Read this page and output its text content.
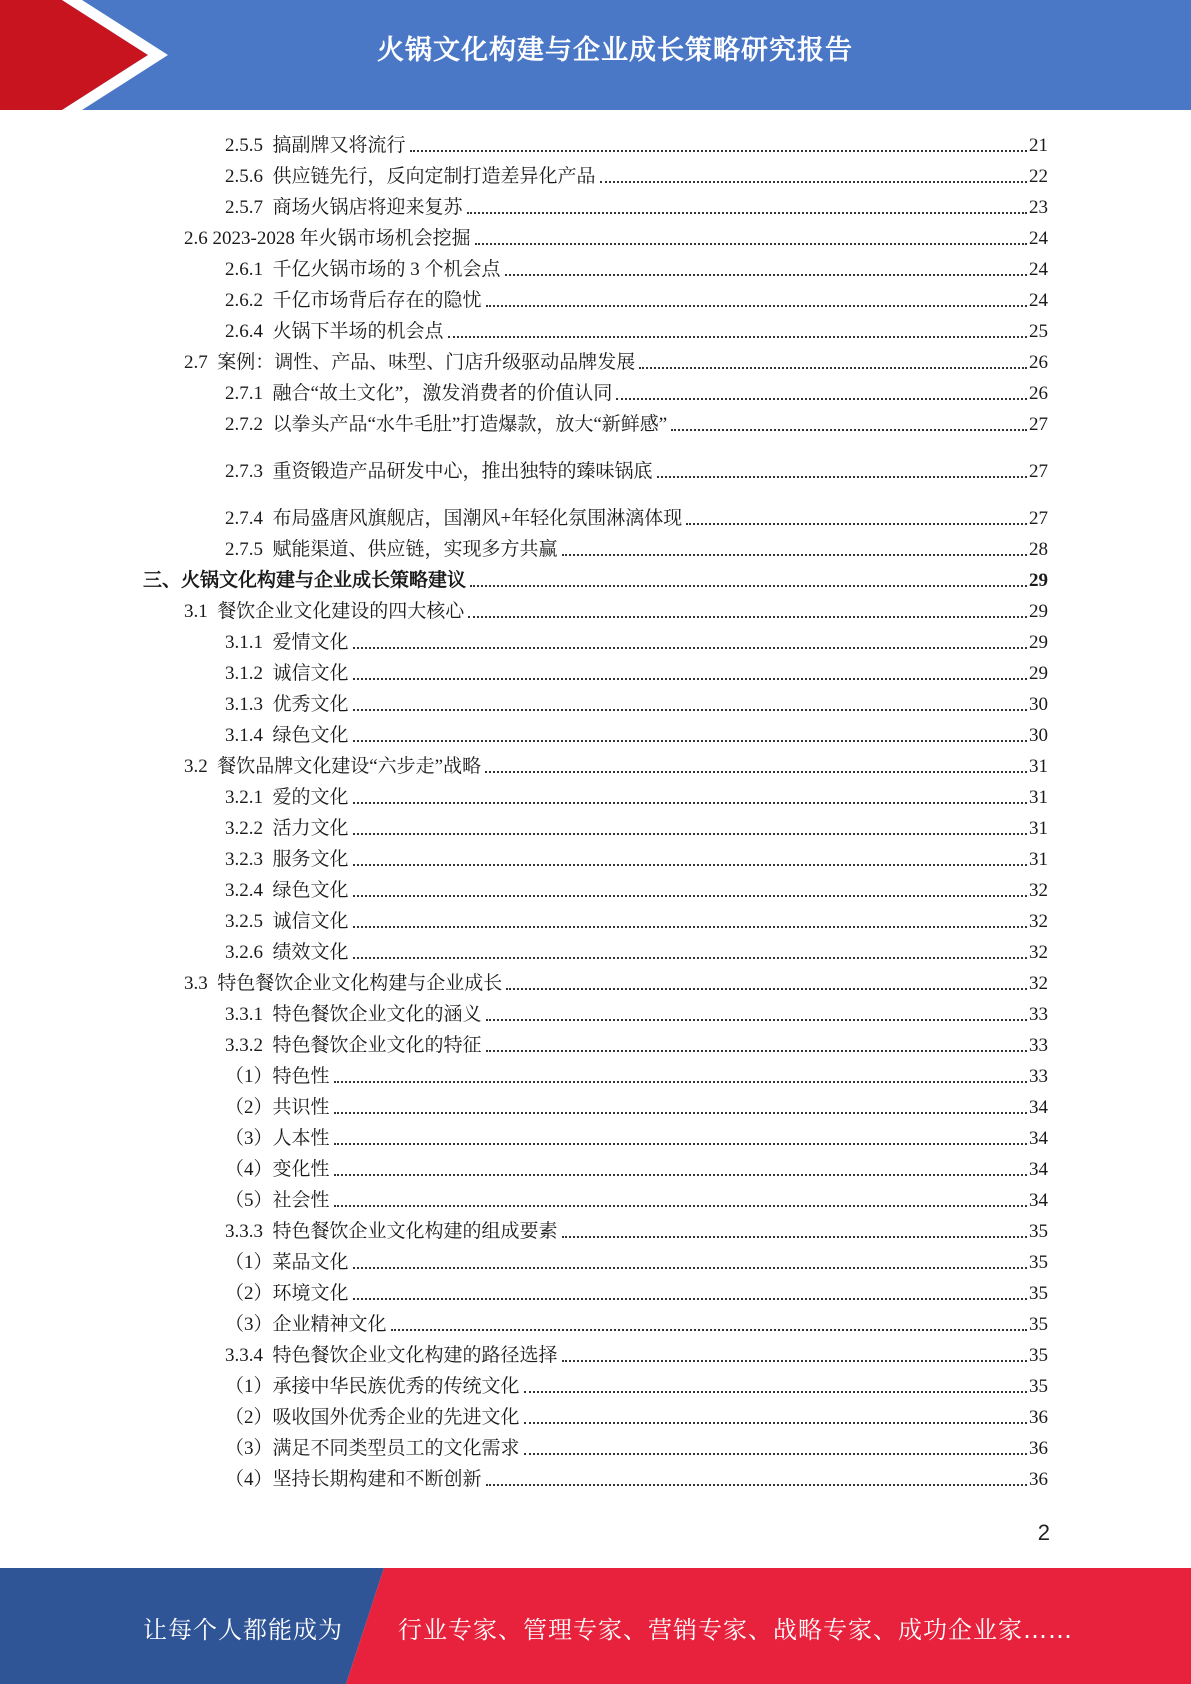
火锅文化构建与企业成长策略研究报告
2.5.5  搞副牌又将流行	21
2.5.6  供应链先行，反向定制打造差异化产品	22
2.5.7  商场火锅店将迎来复苏	23
2.6 2023-2028 年火锅市场机会挖掘	24
2.6.1  千亿火锅市场的 3 个机会点	24
2.6.2  千亿市场背后存在的隐忧	24
2.6.4  火锅下半场的机会点	25
2.7  案例：调性、产品、味型、门店升级驱动品牌发展	26
2.7.1  融合“故土文化”，激发消费者的价值认同	26
2.7.2  以拳头产品“水牛毛肚”打造爆款，放大“新鲜感”	27
2.7.3  重资锻造产品研发中心，推出独特的臻味锅底	27
2.7.4  布局盛唐风旗舰店，国潮风+年轻化氛围淋漓体现	27
2.7.5  赋能渠道、供应链，实现多方共赢	28
三、火锅文化构建与企业成长策略建议	29
3.1  餐饮企业文化建设的四大核心	29
3.1.1  爱情文化	29
3.1.2  诚信文化	29
3.1.3  优秀文化	30
3.1.4  绿色文化	30
3.2  餐饮品牌文化建设“六步走”战略	31
3.2.1  爱的文化	31
3.2.2  活力文化	31
3.2.3  服务文化	31
3.2.4  绿色文化	32
3.2.5  诚信文化	32
3.2.6  绩效文化	32
3.3  特色餐饮企业文化构建与企业成长	32
3.3.1  特色餐饮企业文化的涵义	33
3.3.2  特色餐饮企业文化的特征	33
（1）特色性	33
（2）共识性	34
（3）人本性	34
（4）变化性	34
（5）社会性	34
3.3.3  特色餐饮企业文化构建的组成要素	35
（1）菜品文化	35
（2）环境文化	35
（3）企业精神文化	35
3.3.4  特色餐饮企业文化构建的路径选择	35
（1）承接中华民族优秀的传统文化	35
（2）吸收国外优秀企业的先进文化	36
（3）满足不同类型员工的文化需求	36
（4）坚持长期构建和不断创新	36
2
让每个人都能成为 行业专家、管理专家、营销专家、战略专家、成功企业家……
